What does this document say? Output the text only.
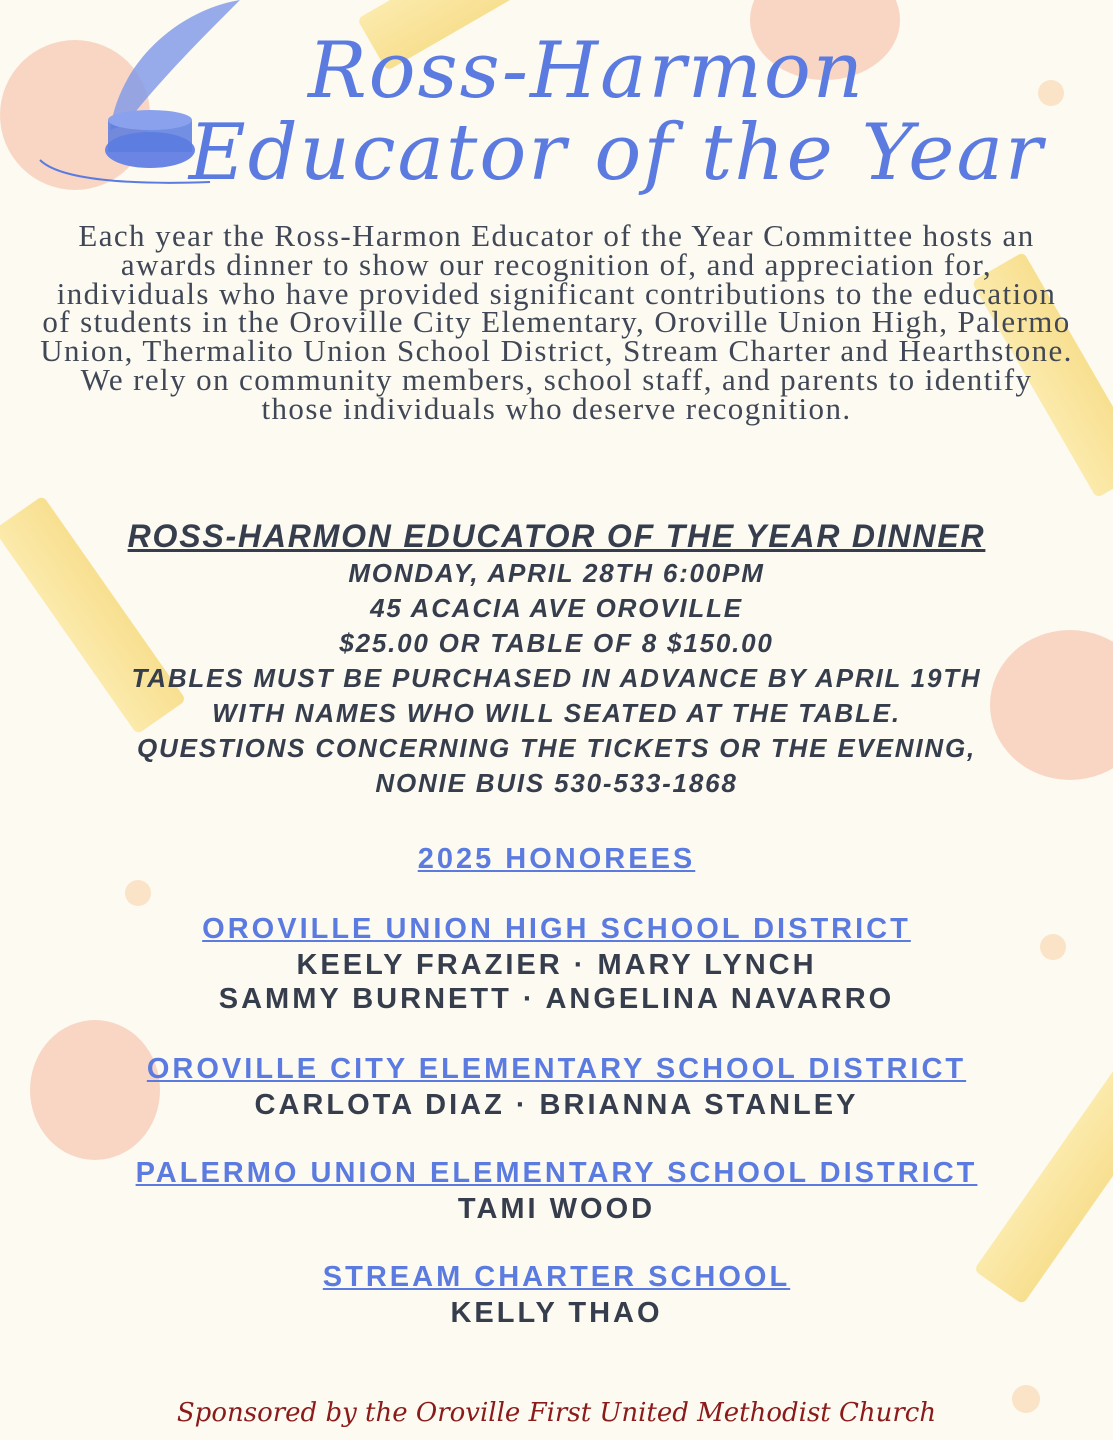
Ross-Harmon
Educator of the Year
Each year the Ross-Harmon Educator of the Year Committee hosts an awards dinner to show our recognition of, and appreciation for, individuals who have provided significant contributions to the education of students in the Oroville City Elementary, Oroville Union High, Palermo Union, Thermalito Union School District, Stream Charter and Hearthstone. We rely on community members, school staff, and parents to identify those individuals who deserve recognition.
ROSS-HARMON EDUCATOR OF THE YEAR DINNER
MONDAY, APRIL 28TH 6:00PM
45 ACACIA AVE OROVILLE
$25.00 OR TABLE OF 8 $150.00
TABLES MUST BE PURCHASED IN ADVANCE BY APRIL 19TH
WITH NAMES WHO WILL SEATED AT THE TABLE.
QUESTIONS CONCERNING THE TICKETS OR THE EVENING,
NONIE BUIS 530-533-1868
2025 HONOREES
OROVILLE UNION HIGH SCHOOL DISTRICT
KEELY FRAZIER · MARY LYNCH
SAMMY BURNETT · ANGELINA NAVARRO
OROVILLE CITY ELEMENTARY SCHOOL DISTRICT
CARLOTA DIAZ · BRIANNA STANLEY
PALERMO UNION ELEMENTARY SCHOOL DISTRICT
TAMI WOOD
STREAM CHARTER SCHOOL
KELLY THAO
Sponsored by the Oroville First United Methodist Church
